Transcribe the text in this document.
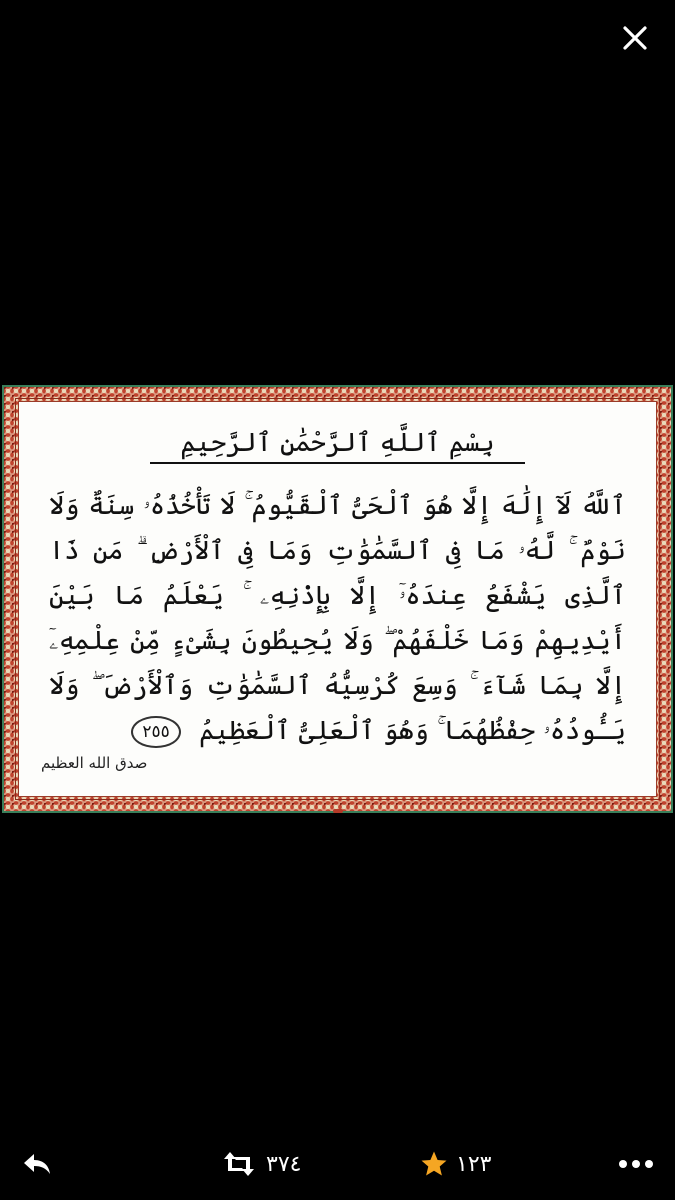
بِسْمِ ٱللَّهِ ٱلرَّحْمَٰنِ ٱلرَّحِيمِ
ٱللَّهُ لَآ إِلَٰهَ إِلَّا هُوَ ٱلْحَىُّ ٱلْقَيُّومُ ۚ لَا تَأْخُذُهُۥ سِنَةٌ وَلَا نَوْمٌ ۚ لَّهُۥ مَا فِى ٱلسَّمَٰوَٰتِ وَمَا فِى ٱلْأَرْضِ ۗ مَن ذَا ٱلَّذِى يَشْفَعُ عِندَهُۥٓ إِلَّا بِإِذْنِهِۦ ۚ يَعْلَمُ مَا بَيْنَ أَيْدِيهِمْ وَمَا خَلْفَهُمْ ۖ وَلَا يُحِيطُونَ بِشَىْءٍ مِّنْ عِلْمِهِۦٓ إِلَّا بِمَا شَآءَ ۚ وَسِعَ كُرْسِيُّهُ ٱلسَّمَٰوَٰتِ وَٱلْأَرْضَ ۖ وَلَا يَـُٔودُهُۥ حِفْظُهُمَا ۚ وَهُوَ ٱلْعَلِىُّ ٱلْعَظِيمُ ٢٥٥
صدق الله العظيم
٣٧٤	١٢٣
